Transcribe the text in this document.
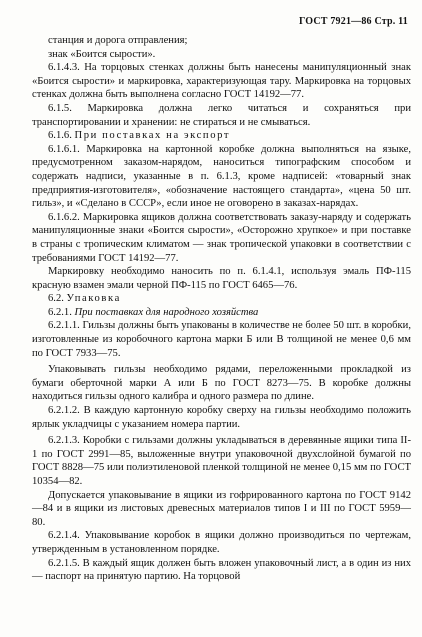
ГОСТ 7921—86 Стр. 11

станция и дорога отправления;

знак «Боится сырости».

6.1.4.3. На торцовых стенках должны быть нанесены манипуляционный знак «Боится сырости» и маркировка, характеризующая тару. Маркировка на торцовых стенках должна быть выполнена согласно ГОСТ 14192—77.

6.1.5. Маркировка должна легко читаться и сохраняться при транспортировании и хранении: не стираться и не смываться.

6.1.6. При поставках на экспорт

6.1.6.1. Маркировка на картонной коробке должна выполняться на языке, предусмотренном заказом-нарядом, наноситься типографским способом и содержать надписи, указанные в п. 6.1.3, кроме надписей: «товарный знак предприятия-изготовителя», «обозначение настоящего стандарта», «цена 50 шт. гильз», и «Сделано в СССР», если иное не оговорено в заказах-нарядах.

6.1.6.2. Маркировка ящиков должна соответствовать заказу-наряду и содержать манипуляционные знаки «Боится сырости», «Осторожно хрупкое» и при поставке в страны с тропическим климатом — знак тропической упаковки в соответствии с требованиями ГОСТ 14192—77.

Маркировку необходимо наносить по п. 6.1.4.1, используя эмаль ПФ-115 красную взамен эмали черной ПФ-115 по ГОСТ 6465—76.

6.2. Упаковка

6.2.1. При поставках для народного хозяйства

6.2.1.1. Гильзы должны быть упакованы в количестве не более 50 шт. в коробки, изготовленные из коробочного картона марки Б или В толщиной не менее 0,6 мм по ГОСТ 7933—75.

Упаковывать гильзы необходимо рядами, переложенными прокладкой из бумаги оберточной марки А или Б по ГОСТ 8273—75. В коробке должны находиться гильзы одного калибра и одного размера по длине.

6.2.1.2. В каждую картонную коробку сверху на гильзы необходимо положить ярлык укладчицы с указанием номера партии.

6.2.1.3. Коробки с гильзами должны укладываться в деревянные ящики типа II-1 по ГОСТ 2991—85, выложенные внутри упаковочной двухслойной бумагой по ГОСТ 8828—75 или полиэтиленовой пленкой толщиной не менее 0,15 мм по ГОСТ 10354—82.

Допускается упаковывание в ящики из гофрированного картона по ГОСТ 9142—84 и в ящики из листовых древесных материалов типов I и III по ГОСТ 5959—80.

6.2.1.4. Упаковывание коробок в ящики должно производиться по чертежам, утвержденным в установленном порядке.

6.2.1.5. В каждый ящик должен быть вложен упаковочный лист, а в один из них — паспорт на принятую партию. На торцовой
